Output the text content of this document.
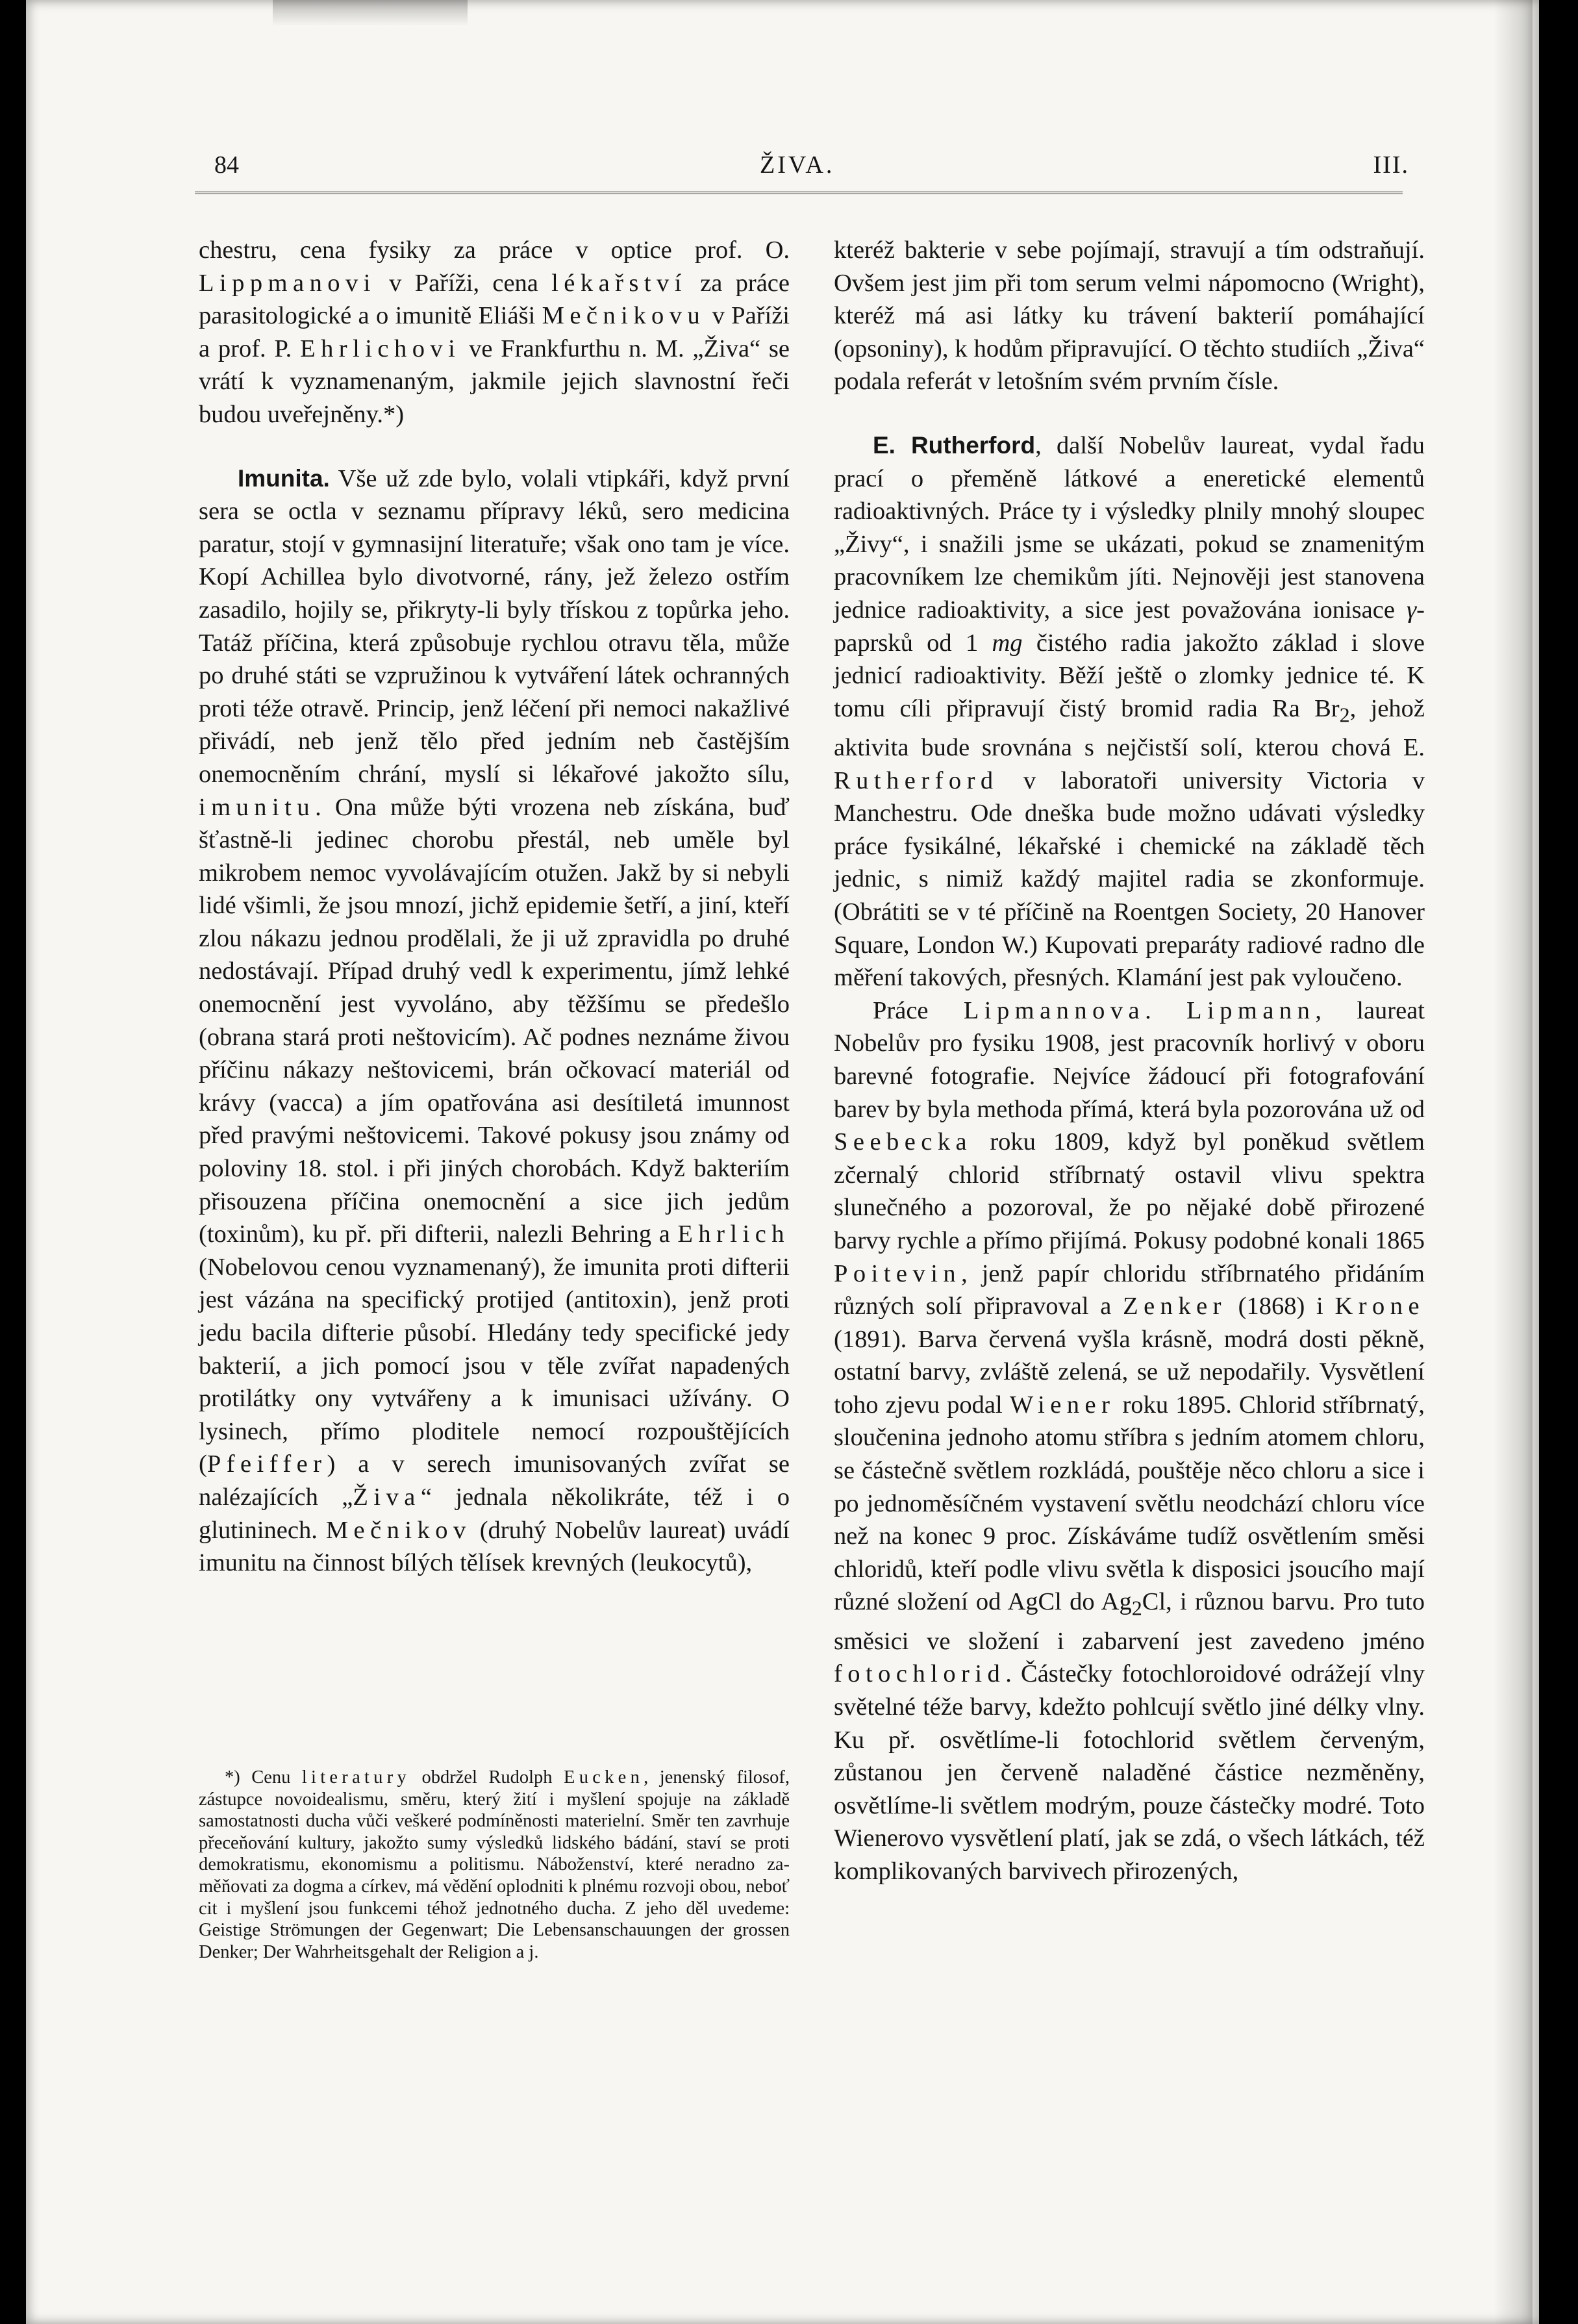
84	ŽIVA.	III.

chestru, cena fysiky za práce v optice prof. O. Lippmanovi v Paříži, cena lékařství za práce parasitologické a o imunitě Eliáši Mečnikovu v Paříži a prof. P. Ehrlichovi ve Frankfurthu n. M. „Živa“ se vrátí k vyznamenaným, jakmile jejich slavnostní řeči budou uveřejněny.*)

Imunita. Vše už zde bylo, volali vtipkáři, když první sera se octla v seznamu přípravy léků, sero medicina paratur, stojí v gymnasijní literatuře; však ono tam je více. Kopí Achillea bylo divotvorné, rány, jež železo ostřím zasadilo, hojily se, přikryty-li byly třískou z topůrka jeho. Tatáž příčina, která způsobuje rychlou otravu těla, může po druhé státi se vzpružinou k vytváření látek ochranných proti téže otravě. Princip, jenž léčení při nemoci nakažlivé přivádí, neb jenž tělo před jedním neb častějším onemocněním chrání, myslí si lékařové jakožto sílu, imunitu. Ona může býti vrozena neb získána, buď šťastně-li jedinec chorobu přestál, neb uměle byl mikrobem nemoc vyvolávajícím otužen. Jakž by si nebyli lidé všimli, že jsou mnozí, jichž epidemie šetří, a jiní, kteří zlou nákazu jednou prodělali, že ji už zpravidla po druhé nedostávají. Případ druhý vedl k experimentu, jímž lehké onemocnění jest vyvoláno, aby těžšímu se předešlo (obrana stará proti neštovicím). Ač podnes neznáme živou příčinu nákazy neštovicemi, brán očkovací materiál od krávy (vacca) a jím opatřována asi desítiletá imunnost před pravými neštovicemi. Takové pokusy jsou známy od poloviny 18. stol. i při jiných chorobách. Když bakteriím přisouzena příčina onemocnění a sice jich jedům (toxinům), ku př. při difterii, nalezli Behring a Ehrlich (Nobelovou cenou vyznamenaný), že imunita proti difterii jest vázána na specifický protijed (antitoxin), jenž proti jedu bacila difterie působí. Hledány tedy specifické jedy bakterií, a jich pomocí jsou v těle zvířat napadených protilátky ony vytvářeny a k imunisaci užívány. O lysinech, přímo ploditele nemocí rozpouštějících (Pfeiffer) a v serech imunisovaných zvířat se nalézajících „Živa“ jednala několikráte, též i o glutininech. Mečnikov (druhý Nobelův laureat) uvádí imunitu na činnost bílých tělísek krevných (leukocytů),

*) Cenu literatury obdržel Rudolph Eucken, jenenský filosof, zástupce novoidealismu, směru, který žití i myšlení spojuje na základě samostatnosti ducha vůči veškeré podmíněnosti materielní. Směr ten zavrhuje přeceňování kultury, jakožto sumy výsledků lidského bádání, staví se proti demokratismu, ekonomismu a politismu. Náboženství, které neradno zaměňovati za dogma a církev, má vědění oplodniti k plnému rozvoji obou, neboť cit i myšlení jsou funkcemi téhož jednotného ducha. Z jeho děl uvedeme: Geistige Strömungen der Gegenwart; Die Lebensanschauungen der grossen Denker; Der Wahrheitsgehalt der Religion a j.

kteréž bakterie v sebe pojímají, stravují a tím odstraňují. Ovšem jest jim při tom serum velmi nápomocno (Wright), kteréž má asi látky ku trávení bakterií pomáhající (opsoniny), k hodům připravující. O těchto studiích „Živa“ podala referát v letošním svém prvním čísle.

E. Rutherford, další Nobelův laureat, vydal řadu prací o přeměně látkové a eneretické elementů radioaktivných. Práce ty i výsledky plnily mnohý sloupec „Živy“, i snažili jsme se ukázati, pokud se znamenitým pracovníkem lze chemikům jíti. Nejnověji jest stanovena jednice radioaktivity, a sice jest považována ionisace γ-paprsků od 1 mg čistého radia jakožto základ i slove jednicí radioaktivity. Běží ještě o zlomky jednice té. K tomu cíli připravují čistý bromid radia Ra $Br_2$, jehož aktivita bude srovnána s nejčistší solí, kterou chová E. Rutherford v laboratoři university Victoria v Manchestru. Ode dneška bude možno udávati výsledky práce fysikálné, lékařské i chemické na základě těch jednic, s nimiž každý majitel radia se zkonformuje. (Obrátiti se v té příčině na Roentgen Society, 20 Hanover Square, London W.) Kupovati preparáty radiové radno dle měření takových, přesných. Klamání jest pak vyloučeno.

Práce Lipmannova. Lipmann, laureat Nobelův pro fysiku 1908, jest pracovník horlivý v oboru barevné fotografie. Nejvíce žádoucí při fotografování barev by byla methoda přímá, která byla pozorována už od Seebecka roku 1809, když byl poněkud světlem zčernalý chlorid stříbrnatý ostavil vlivu spektra slunečného a pozoroval, že po nějaké době přirozené barvy rychle a přímo přijímá. Pokusy podobné konali 1865 Poitevin, jenž papír chloridu stříbrnatého přidáním různých solí připravoval a Zenker (1868) i Krone (1891). Barva červená vyšla krásně, modrá dosti pěkně, ostatní barvy, zvláště zelená, se už nepodařily. Vysvětlení toho zjevu podal Wiener roku 1895. Chlorid stříbrnatý, sloučenina jednoho atomu stříbra s jedním atomem chloru, se částečně světlem rozkládá, pouštěje něco chloru a sice i po jednoměsíčném vystavení světlu neodchází chloru více než na konec 9 proc. Získáváme tudíž osvětlením směsi chloridů, kteří podle vlivu světla k disposici jsoucího mají různé složení od AgCl do $Ag_2Cl$, i různou barvu. Pro tuto směsici ve složení i zabarvení jest zavedeno jméno fotochlorid. Částečky fotochloroidové odrážejí vlny světelné téže barvy, kdežto pohlcují světlo jiné délky vlny. Ku př. osvětlíme-li fotochlorid světlem červeným, zůstanou jen červeně naladěné částice nezměněny, osvětlíme-li světlem modrým, pouze částečky modré. Toto Wienerovo vysvětlení platí, jak se zdá, o všech látkách, též komplikovaných barvivech přirozených,
